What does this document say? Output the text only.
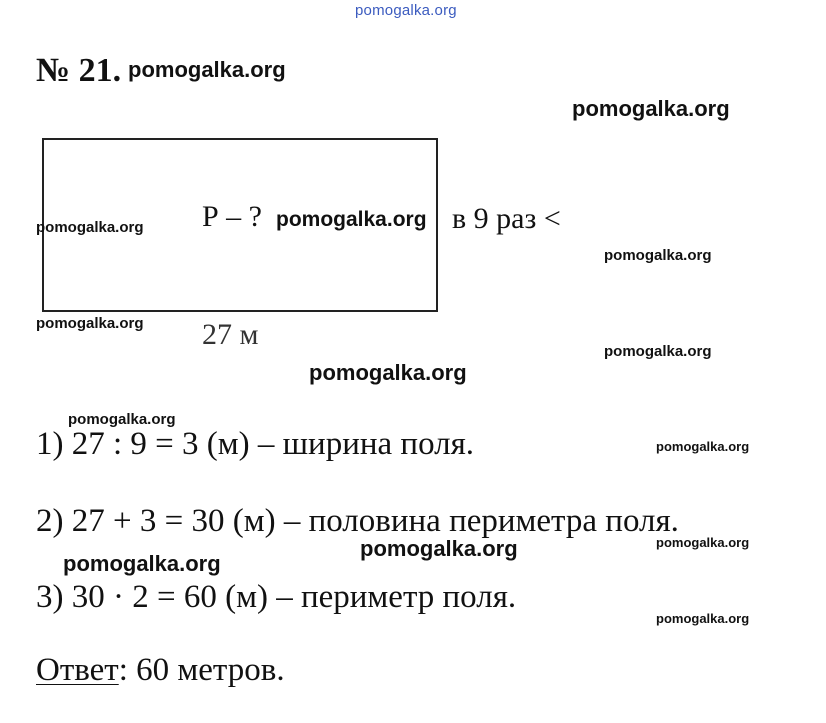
pomogalka.org
№ 21. pomogalka.org
pomogalka.org
Р – ? pomogalka.org в 9 раз <
27 м
pomogalka.org
pomogalka.org
pomogalka.org
pomogalka.org
pomogalka.org
pomogalka.org
pomogalka.org
pomogalka.org
pomogalka.org
pomogalka.org
pomogalka.org
1) 27 : 9 = 3 (м) – ширина поля.
2) 27 + 3 = 30 (м) – половина периметра поля.
3) 30 · 2 = 60 (м) – периметр поля.
Ответ: 60 метров.
